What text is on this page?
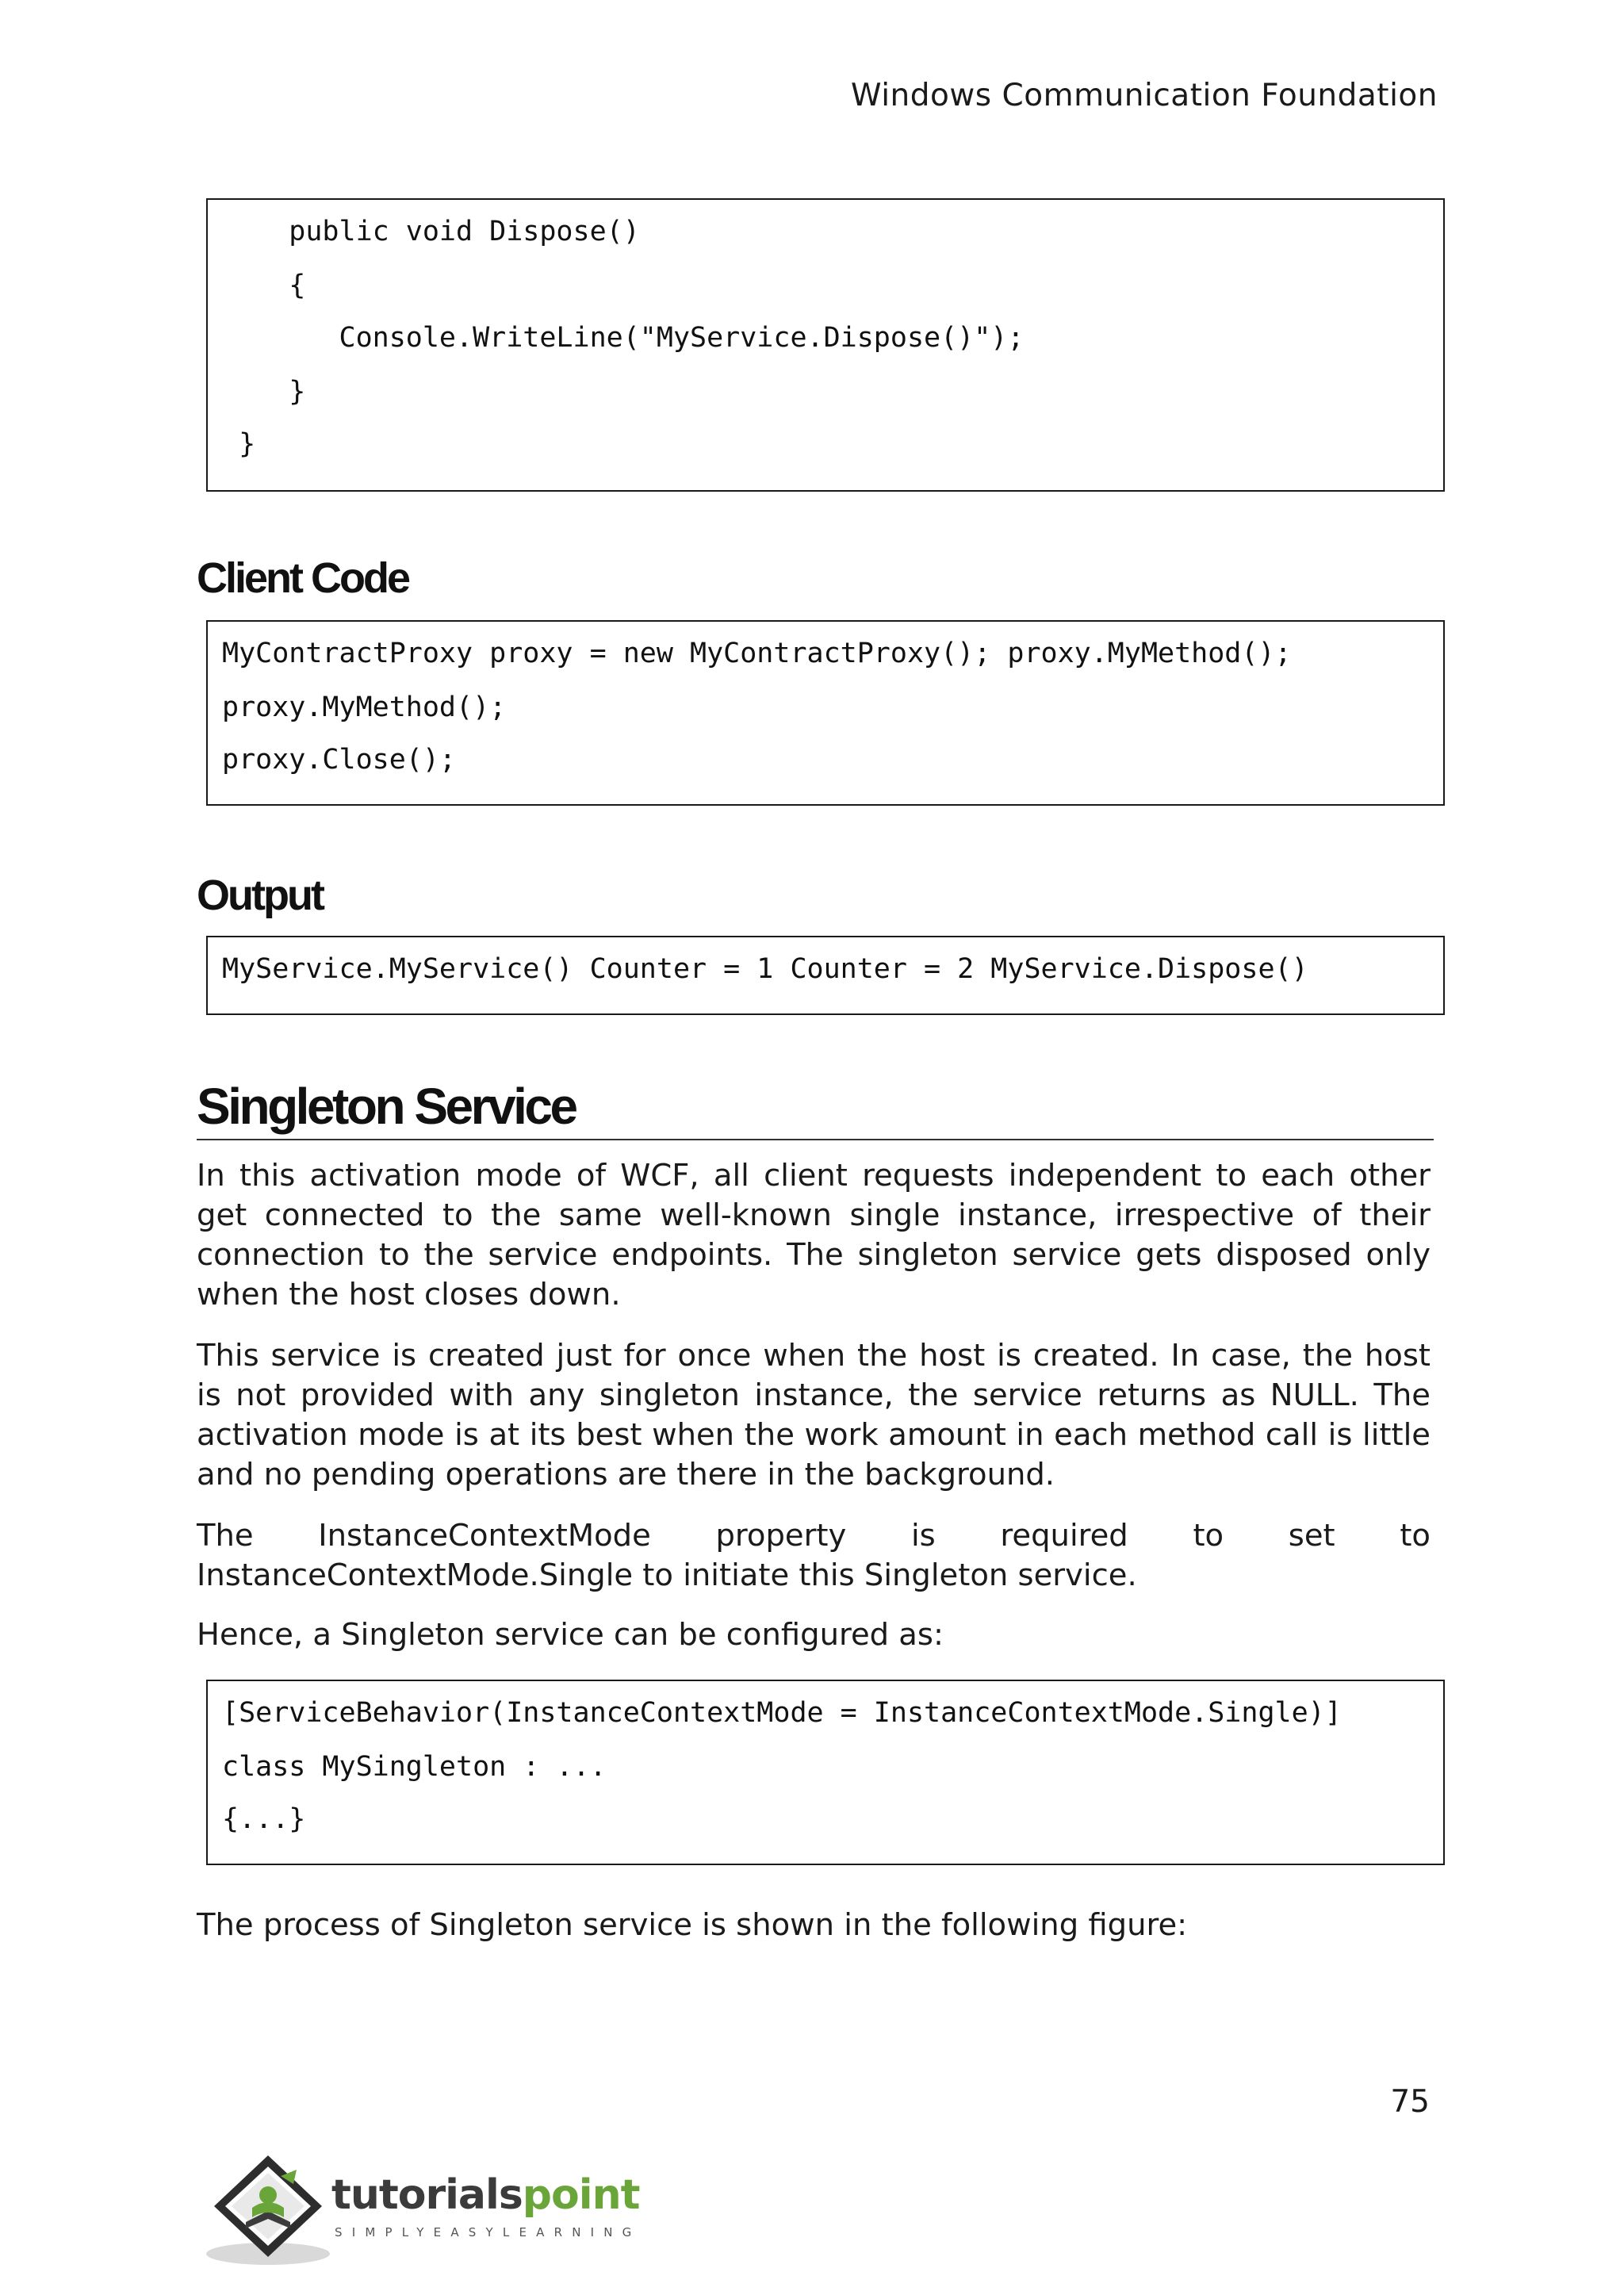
Windows Communication Foundation
public void Dispose()
{
Console.WriteLine("MyService.Dispose()");
}
}
Client Code
MyContractProxy proxy = new MyContractProxy(); proxy.MyMethod();
proxy.MyMethod();
proxy.Close();
Output
MyService.MyService() Counter = 1 Counter = 2 MyService.Dispose()
Singleton Service
In this activation mode of WCF, all client requests independent to each other get connected to the same well-known single instance, irrespective of their connection to the service endpoints. The singleton service gets disposed only when the host closes down.
This service is created just for once when the host is created. In case, the host is not provided with any singleton instance, the service returns as NULL. The activation mode is at its best when the work amount in each method call is little and no pending operations are there in the background.
The InstanceContextMode property is required to set to InstanceContextMode.Single to initiate this Singleton service.
Hence, a Singleton service can be configured as:
[ServiceBehavior(InstanceContextMode = InstanceContextMode.Single)]
class MySingleton : ...
{...}
The process of Singleton service is shown in the following figure:
75
tutorialspoint
SIMPLYEASYLEARNING
